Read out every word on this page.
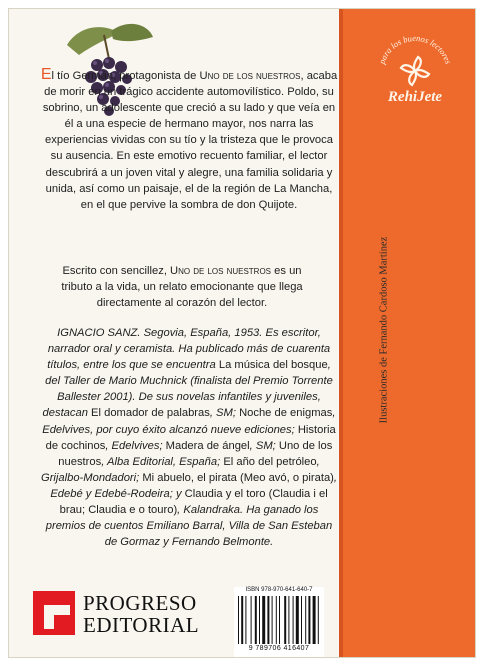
El tío Germán, protagonista de Uno de los nuestros, acaba de morir en un trágico accidente automovilístico. Poldo, su sobrino, un adolescente que creció a su lado y que veía en él a una especie de hermano mayor, nos narra las experiencias vividas con su tío y la tristeza que le provoca su ausencia. En este emotivo recuento familiar, el lector descubrirá a un joven vital y alegre, una familia solidaria y unida, así como un paisaje, el de la región de La Mancha, en el que pervive la sombra de don Quijote.

Escrito con sencillez, Uno de los nuestros es un tributo a la vida, un relato emocionante que llega directamente al corazón del lector.

IGNACIO SANZ. Segovia, España, 1953. Es escritor, narrador oral y ceramista. Ha publicado más de cuarenta títulos, entre los que se encuentra La música del bosque, del Taller de Mario Muchnick (finalista del Premio Torrente Ballester 2001). De sus novelas infantiles y juveniles, destacan El domador de palabras, SM; Noche de enigmas, Edelvives, por cuyo éxito alcanzó nueve ediciones; Historia de cochinos, Edelvives; Madera de ángel, SM; Uno de los nuestros, Alba Editorial, España; El año del petróleo, Grijalbo-Mondadori; Mi abuelo, el pirata (Meo avó, o pirata), Edebé y Edebé-Rodeira; y Claudia y el toro (Claudia i el brau; Claudia e o touro), Kalandraka. Ha ganado los premios de cuentos Emiliano Barral, Villa de San Esteban de Gormaz y Fernando Belmonte.

para los buenos lectores
RehiJete
Ilustraciones de Fernando Cardoso Martínez
PROGRESO
EDITORIAL
ISBN 978-970-641-640-7
9 789706 416407
